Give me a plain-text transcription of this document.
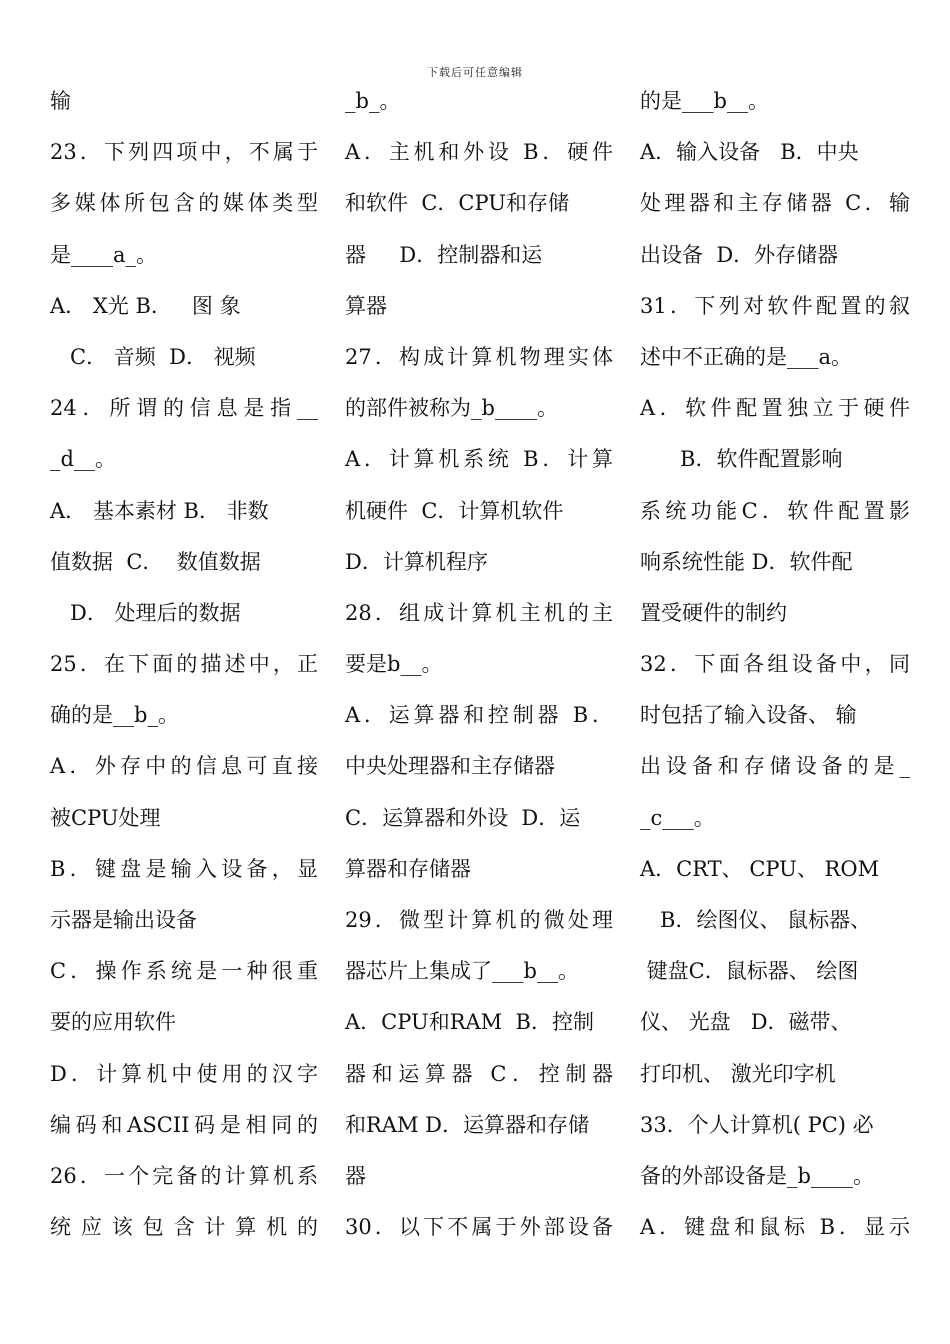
下载后可任意编辑
输
23．下列四项中，不属于
多媒体所包含的媒体类型
是____a_。
A． X光 B．   图 象
C． 音频  D． 视频
24．所谓的信息是指__
_d__。
A． 基本素材 B． 非数
值数据  C．  数值数据
D． 处理后的数据
25．在下面的描述中，正
确的是__b_。
A．外存中的信息可直接
被CPU处理
B．键盘是输入设备，显
示器是输出设备
C．操作系统是一种很重
要的应用软件
D．计算机中使用的汉字
编码和ASCII码是相同的
26．一个完备的计算机系
统应该包含计算机的
_b_。
A．主机和外设 B．硬件
和软件  C．CPU和存储
器     D．控制器和运
算器
27．构成计算机物理实体
的部件被称为_b____。
A．计算机系统 B．计算
机硬件  C．计算机软件
D．计算机程序
28．组成计算机主机的主
要是b__。
A．运算器和控制器 B．
中央处理器和主存储器
C．运算器和外设  D．运
算器和存储器
29．微型计算机的微处理
器芯片上集成了___b__。
A．CPU和RAM  B．控制
器和运算器 C．控制器
和RAM D．运算器和存储
器
30．以下不属于外部设备
的是___b__。
A．输入设备   B．中央
处理器和主存储器 C．输
出设备  D．外存储器
31．下列对软件配置的叙
述中不正确的是___a。
A．软件配置独立于硬件
B．软件配置影响
系统功能C．软件配置影
响系统性能 D．软件配
置受硬件的制约
32．下面各组设备中，同
时包括了输入设备、 输
出设备和存储设备的是_
_c___。
A．CRT、 CPU、 ROM
B．绘图仪、 鼠标器、
键盘C．鼠标器、 绘图
仪、 光盘   D．磁带、
打印机、 激光印字机
33．个人计算机( PC) 必
备的外部设备是_b____。
A．键盘和鼠标 B．显示
